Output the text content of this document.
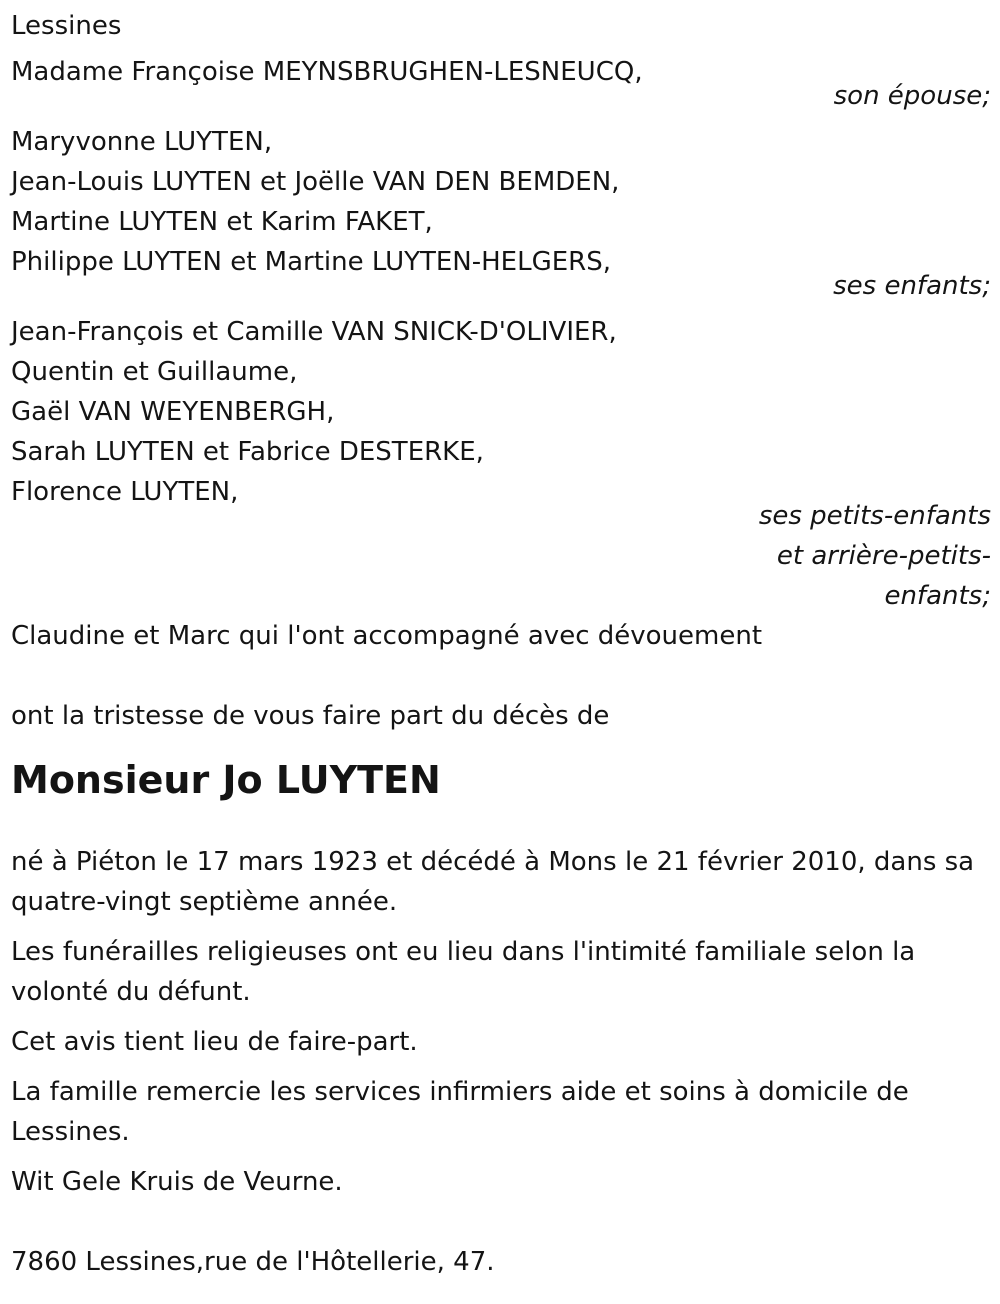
Lessines
Madame Françoise MEYNSBRUGHEN-LESNEUCQ,
son épouse;
Maryvonne LUYTEN,
Jean-Louis LUYTEN et Joëlle VAN DEN BEMDEN,
Martine LUYTEN et Karim FAKET,
Philippe LUYTEN et Martine LUYTEN-HELGERS,
ses enfants;
Jean-François et Camille VAN SNICK-D'OLIVIER,
Quentin et Guillaume,
Gaël VAN WEYENBERGH,
Sarah LUYTEN et Fabrice DESTERKE,
Florence LUYTEN,
ses petits-enfants
et arrière-petits-
enfants;
Claudine et Marc qui l'ont accompagné avec dévouement
ont la tristesse de vous faire part du décès de
Monsieur Jo LUYTEN
né à Piéton le 17 mars 1923 et décédé à Mons le 21 février 2010, dans sa quatre-vingt septième année.
Les funérailles religieuses ont eu lieu dans l'intimité familiale selon la volonté du défunt.
Cet avis tient lieu de faire-part.
La famille remercie les services infirmiers aide et soins à domicile de Lessines.
Wit Gele Kruis de Veurne.
7860 Lessines,rue de l'Hôtellerie, 47.
